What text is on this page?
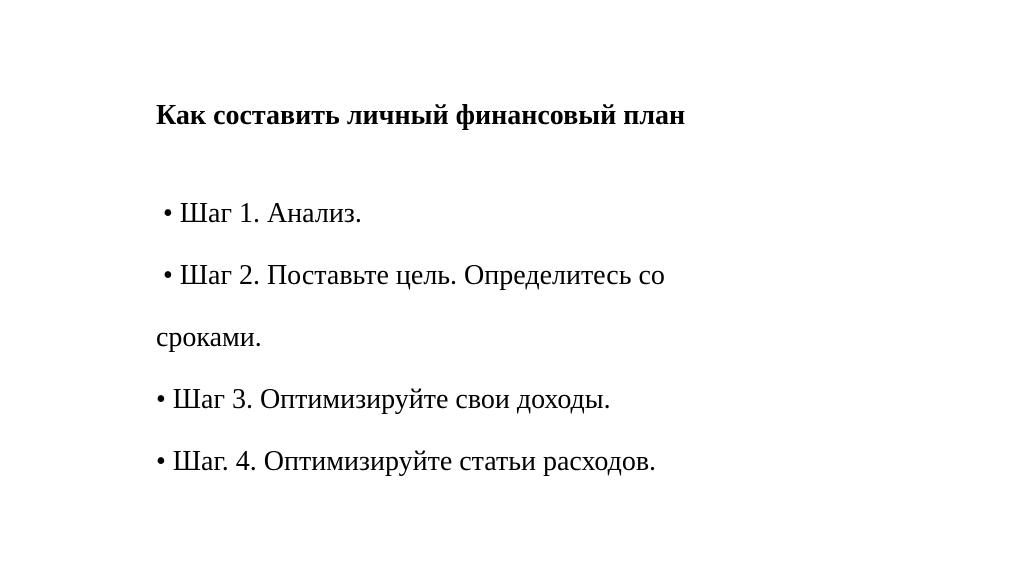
Как составить личный финансовый план

• Шаг 1. Анализ.

• Шаг 2. Поставьте цель. Определитесь со

сроками.

• Шаг 3. Оптимизируйте свои доходы.

• Шаг. 4. Оптимизируйте статьи расходов.
